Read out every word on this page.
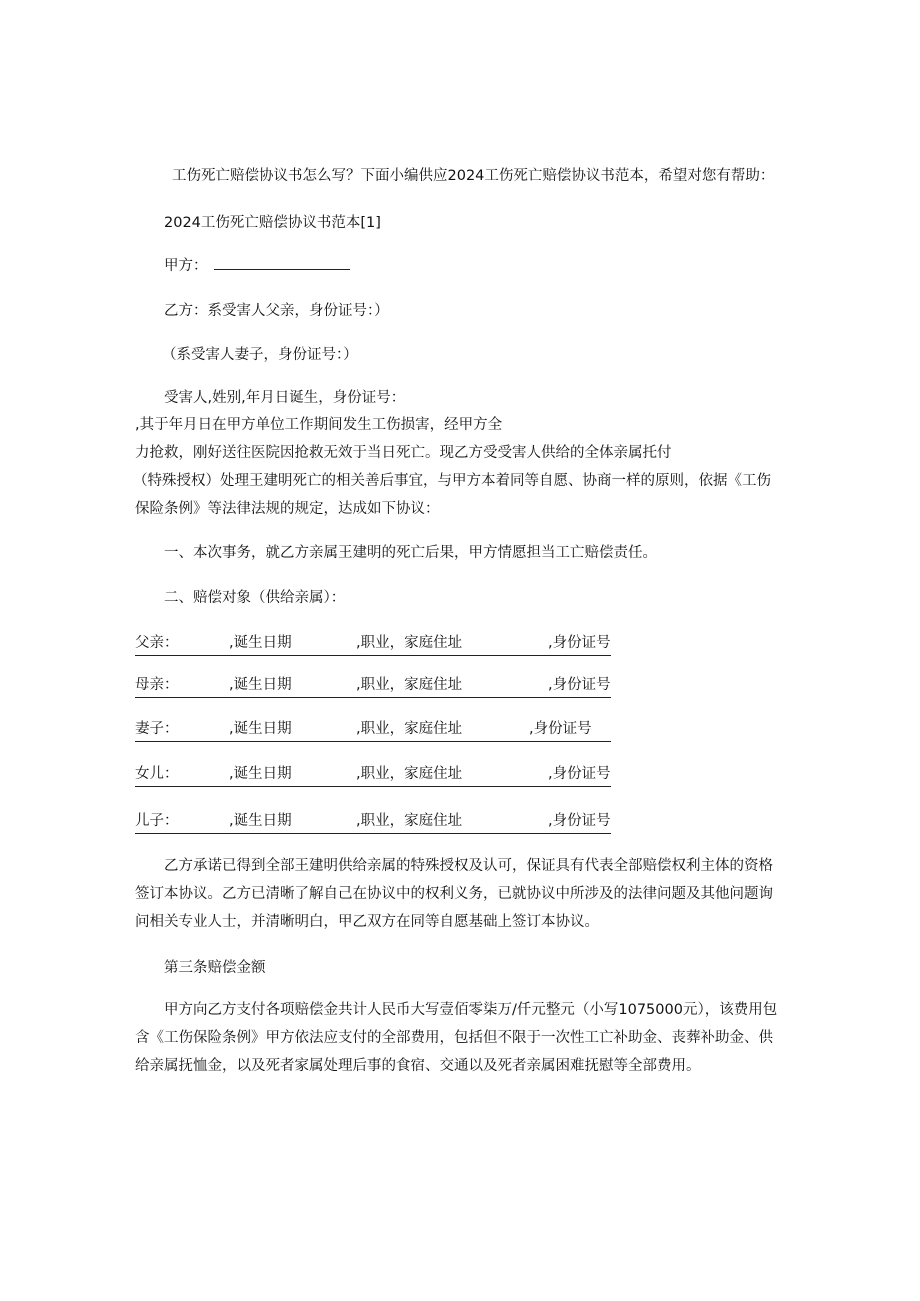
工伤死亡赔偿协议书怎么写？下面小编供应2024工伤死亡赔偿协议书范本，希望对您有帮助：
2024工伤死亡赔偿协议书范本[1]
甲方：
乙方：系受害人父亲，身份证号：）
（系受害人妻子，身份证号：）
受害人,姓别,年月日诞生，身份证号：
,其于年月日在甲方单位工作期间发生工伤损害，经甲方全
力抢救，刚好送往医院因抢救无效于当日死亡。现乙方受受害人供给的全体亲属托付
（特殊授权）处理王建明死亡的相关善后事宜，与甲方本着同等自愿、协商一样的原则，依据《工伤
保险条例》等法律法规的规定，达成如下协议：
一、本次事务，就乙方亲属王建明的死亡后果，甲方情愿担当工亡赔偿责任。
二、赔偿对象（供给亲属）：
父亲：	,诞生日期	,职业，家庭住址	,身份证号
母亲：	,诞生日期	,职业，家庭住址	,身份证号
妻子：	,诞生日期	,职业，家庭住址	,身份证号
女儿：	,诞生日期	,职业，家庭住址	,身份证号
儿子：	,诞生日期	,职业，家庭住址	,身份证号
乙方承诺已得到全部王建明供给亲属的特殊授权及认可，保证具有代表全部赔偿权利主体的资格
签订本协议。乙方已清晰了解自己在协议中的权利义务，已就协议中所涉及的法律问题及其他问题询
问相关专业人士，并清晰明白，甲乙双方在同等自愿基础上签订本协议。
第三条赔偿金额
甲方向乙方支付各项赔偿金共计人民币大写壹佰零柒万/仟元整元（小写1075000元），该费用包
含《工伤保险条例》甲方依法应支付的全部费用，包括但不限于一次性工亡补助金、丧葬补助金、供
给亲属抚恤金，以及死者家属处理后事的食宿、交通以及死者亲属困难抚慰等全部费用。
